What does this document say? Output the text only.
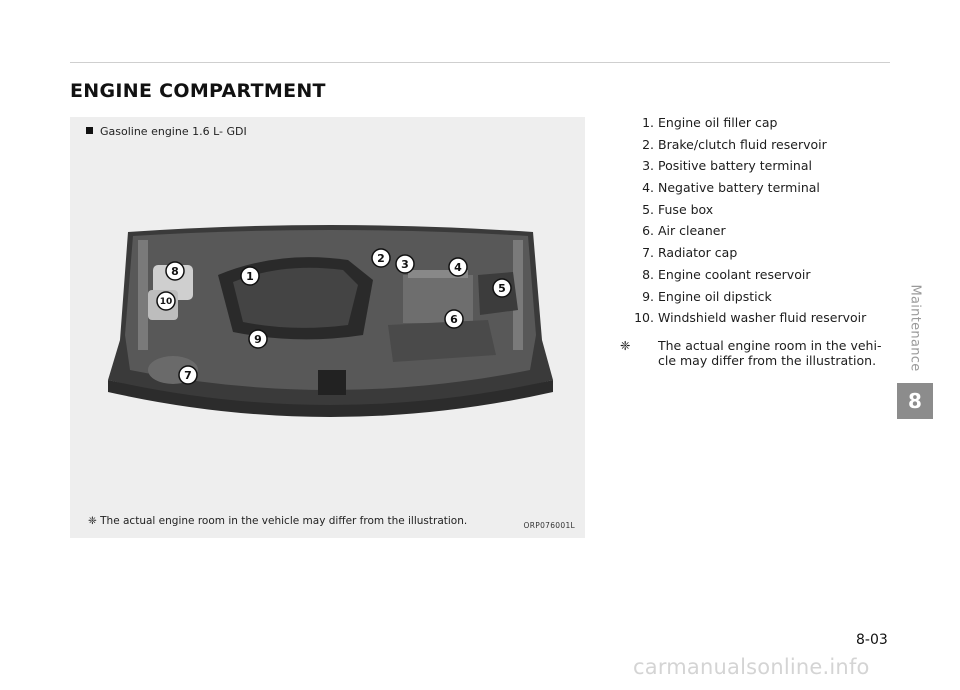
ENGINE COMPARTMENT
Gasoline engine 1.6 L- GDI
1
2 3	4
5
6
7
8
9
10
❈ The actual engine room in the vehicle may differ from the illustration.	ORP076001L
1. Engine oil filler cap
2. Brake/clutch fluid reservoir
3. Positive battery terminal
4. Negative battery terminal
5. Fuse box
6. Air cleaner
7. Radiator cap
8. Engine coolant reservoir
9. Engine oil dipstick
10. Windshield washer fluid reservoir
❈	The actual engine room in the vehi-cle may differ from the illustration.	Maintenance
8
8-03
carmanualsonline.info
